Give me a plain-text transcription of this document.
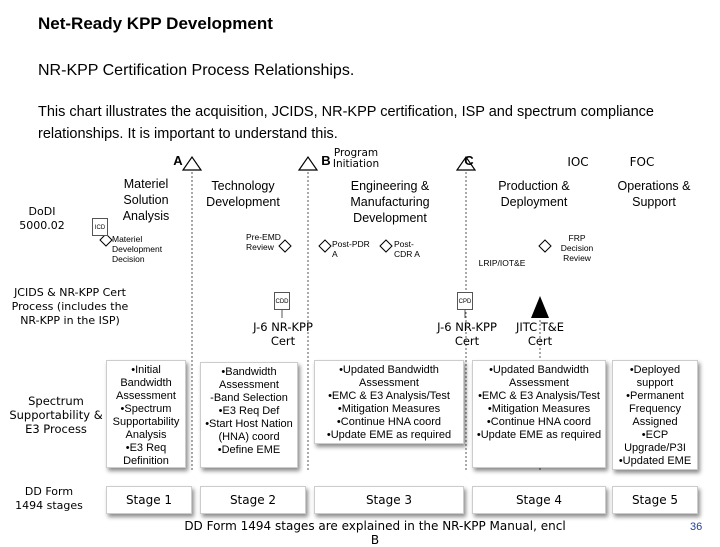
Net-Ready KPP Development
NR-KPP Certification Process Relationships.
This chart illustrates the acquisition, JCIDS, NR-KPP certification, ISP and spectrum compliance relationships. It is important to understand this.
A	B	C	IOC	FOC
Program Initiation
DoDI 5000.02
JCIDS & NR-KPP Cert Process (includes the NR-KPP in the ISP)
Spectrum Supportability & E3 Process
DD Form 1494 stages
Materiel Solution Analysis
Technology Development
Engineering & Manufacturing Development
Production & Deployment
Operations & Support
Materiel Development Decision
Pre-EMD Review	Post-PDR A
Post-CDR A
LRIP/IOT&E
FRP Decision Review
ICD
CDD	CPD
J-6 NR-KPP Cert
J-6 NR-KPP Cert
JITC T&E Cert
•Initial Bandwidth Assessment
•Spectrum Supportability Analysis
•E3 Req Definition
•Bandwidth Assessment
-Band Selection
•E3 Req Def
•Start Host Nation (HNA) coord
•Define EME
•Updated Bandwidth Assessment
•EMC & E3 Analysis/Test
•Mitigation Measures
•Continue HNA coord
•Update EME as required
•Updated Bandwidth Assessment
•EMC & E3 Analysis/Test
•Mitigation Measures
•Continue HNA coord
•Update EME as required
•Deployed support
•Permanent Frequency Assigned
•ECP Upgrade/P3I
•Updated EME
Stage 1	Stage 2	Stage 3	Stage 4	Stage 5
DD Form 1494 stages are explained in the NR-KPP Manual, encl B
36
